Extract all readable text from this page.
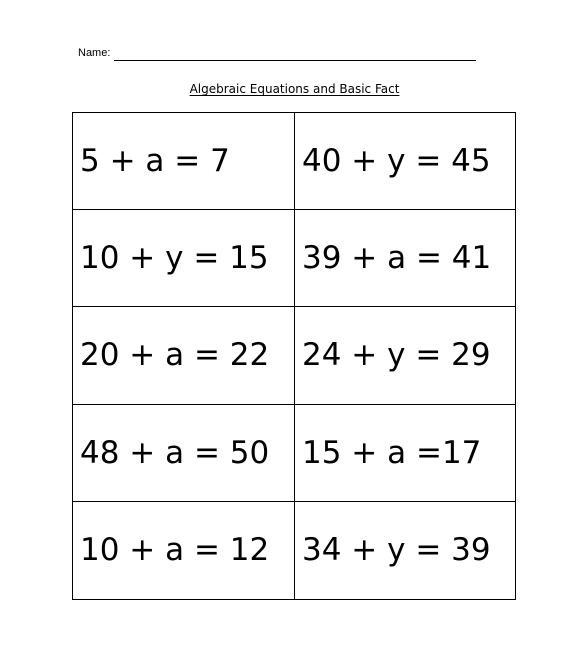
Name:
Algebraic Equations and Basic Fact
5 + a = 7	40 + y = 45
10 + y = 15	39 + a = 41
20 + a = 22	24 + y = 29
48 + a = 50	15 + a =17
10 + a = 12	34 + y = 39
